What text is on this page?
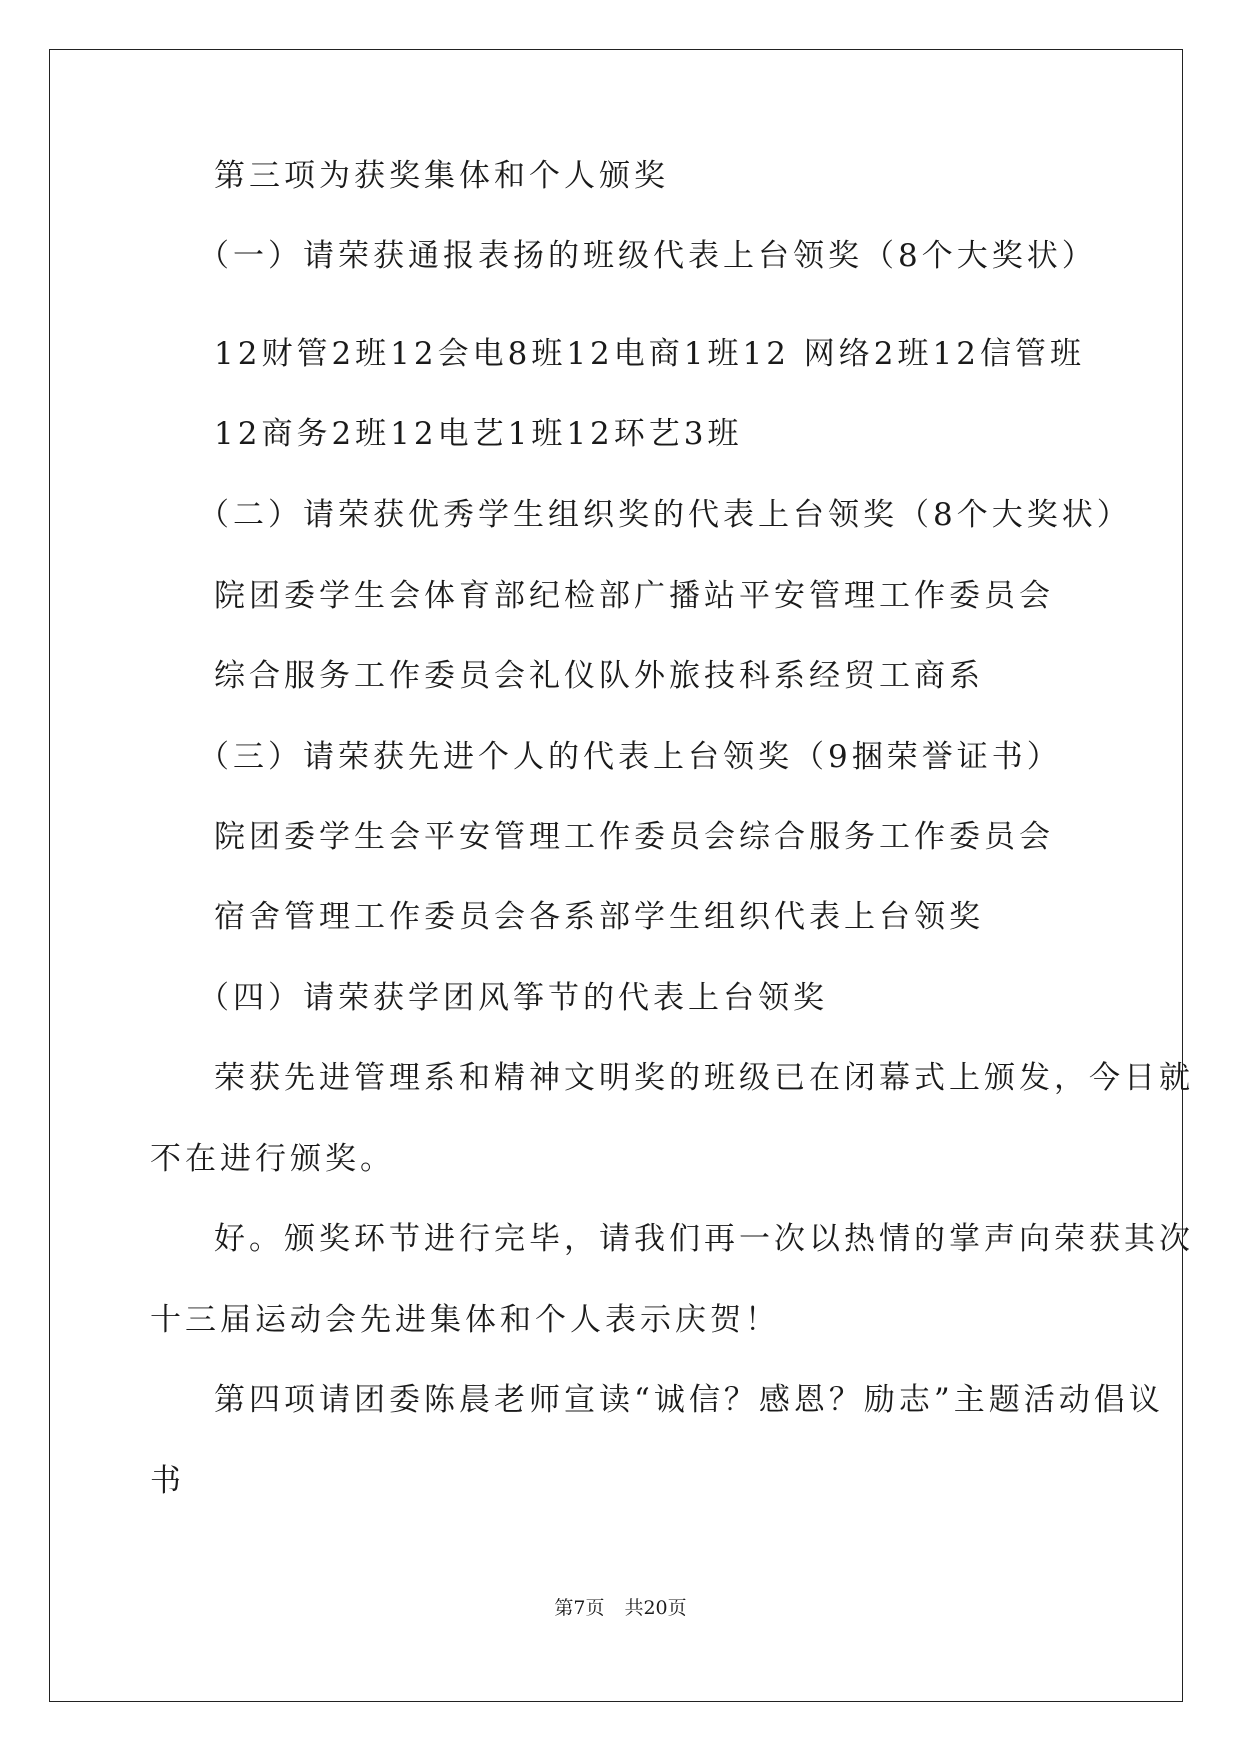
第三项为获奖集体和个人颁奖
（一）请荣获通报表扬的班级代表上台领奖（8个大奖状）
12财管2班12会电8班12电商1班12 网络2班12信管班
12商务2班12电艺1班12环艺3班
（二）请荣获优秀学生组织奖的代表上台领奖（8个大奖状）
院团委学生会体育部纪检部广播站平安管理工作委员会
综合服务工作委员会礼仪队外旅技科系经贸工商系
（三）请荣获先进个人的代表上台领奖（9捆荣誉证书）
院团委学生会平安管理工作委员会综合服务工作委员会
宿舍管理工作委员会各系部学生组织代表上台领奖
（四）请荣获学团风筝节的代表上台领奖
荣获先进管理系和精神文明奖的班级已在闭幕式上颁发，今日就
不在进行颁奖。
好。颁奖环节进行完毕，请我们再一次以热情的掌声向荣获其次
十三届运动会先进集体和个人表示庆贺！
第四项请团委陈晨老师宣读“诚信？感恩？励志”主题活动倡议
书
第7页 共20页
